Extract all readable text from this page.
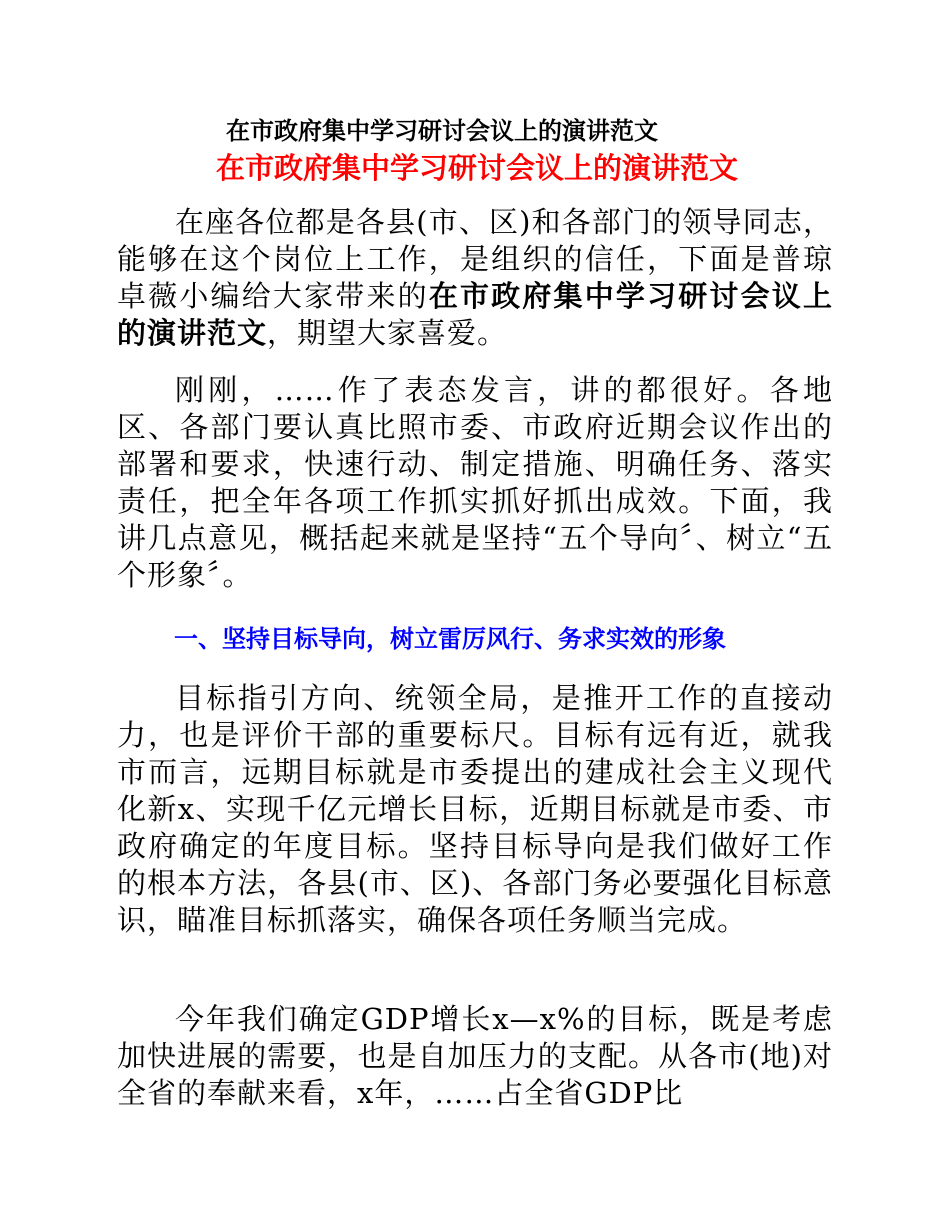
在市政府集中学习研讨会议上的演讲范文
在市政府集中学习研讨会议上的演讲范文

在座各位都是各县(市、区)和各部门的领导同志，能够在这个岗位上工作，是组织的信任，下面是普琼卓薇小编给大家带来的在市政府集中学习研讨会议上的演讲范文，期望大家喜爱。

刚刚，……作了表态发言，讲的都很好。各地区、各部门要认真比照市委、市政府近期会议作出的部署和要求，快速行动、制定措施、明确任务、落实责任，把全年各项工作抓实抓好抓出成效。下面，我讲几点意见，概括起来就是坚持“五个导向〞、树立“五个形象〞。

一、坚持目标导向，树立雷厉风行、务求实效的形象

目标指引方向、统领全局，是推开工作的直接动力，也是评价干部的重要标尺。目标有远有近，就我市而言，远期目标就是市委提出的建成社会主义现代化新x、实现千亿元增长目标，近期目标就是市委、市政府确定的年度目标。坚持目标导向是我们做好工作的根本方法，各县(市、区)、各部门务必要强化目标意识，瞄准目标抓落实，确保各项任务顺当完成。

今年我们确定GDP增长x—x%的目标，既是考虑加快进展的需要，也是自加压力的支配。从各市(地)对全省的奉献来看，x年，……占全省GDP比
